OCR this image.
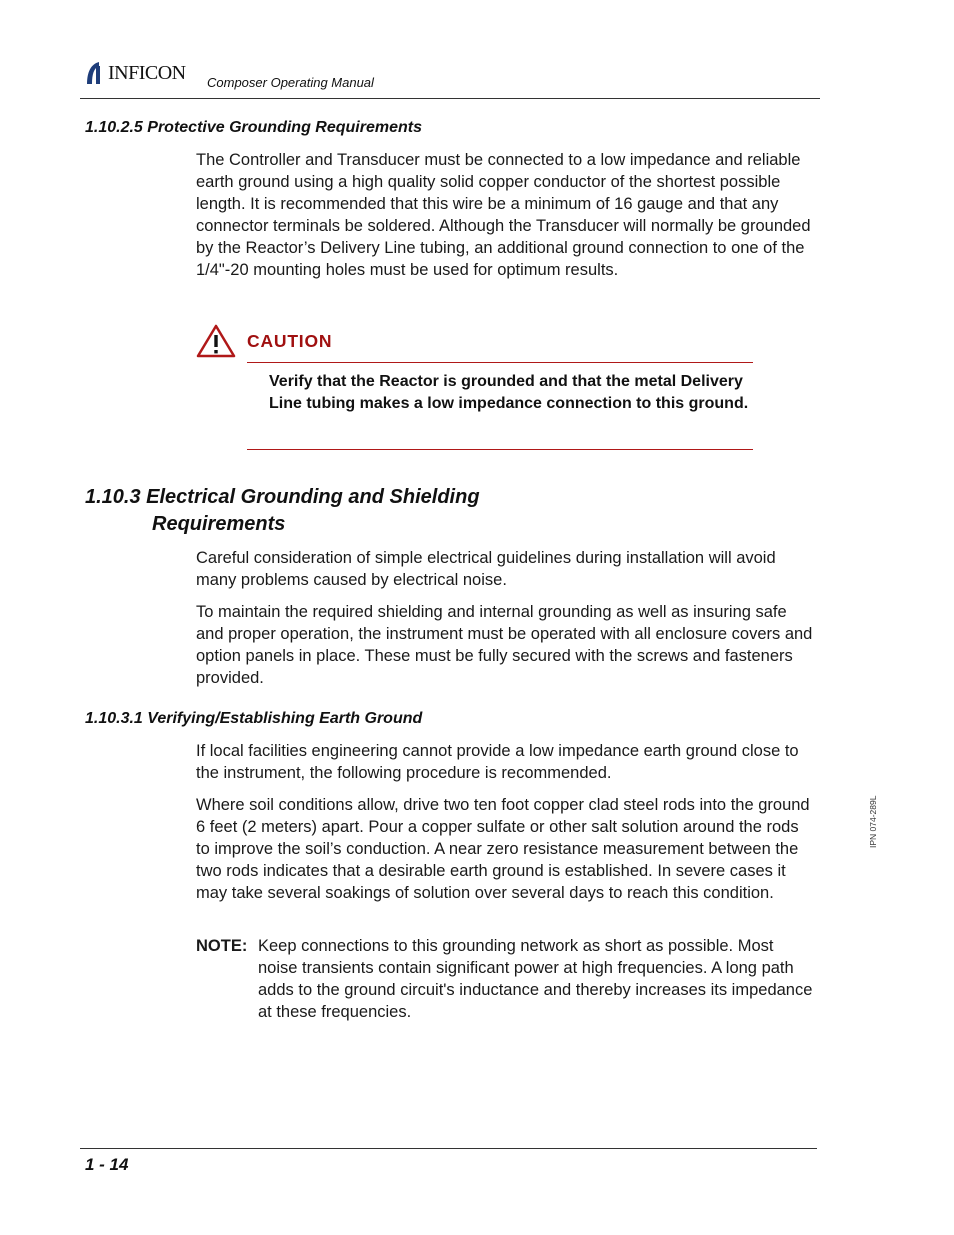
INFICON Composer Operating Manual
1.10.2.5 Protective Grounding Requirements
The Controller and Transducer must be connected to a low impedance and reliable earth ground using a high quality solid copper conductor of the shortest possible length. It is recommended that this wire be a minimum of 16 gauge and that any connector terminals be soldered. Although the Transducer will normally be grounded by the Reactor’s Delivery Line tubing, an additional ground connection to one of the 1/4"-20 mounting holes must be used for optimum results.
CAUTION
Verify that the Reactor is grounded and that the metal Delivery Line tubing makes a low impedance connection to this ground.
1.10.3 Electrical Grounding and Shielding
Requirements
Careful consideration of simple electrical guidelines during installation will avoid many problems caused by electrical noise.
To maintain the required shielding and internal grounding as well as insuring safe and proper operation, the instrument must be operated with all enclosure covers and option panels in place. These must be fully secured with the screws and fasteners provided.
1.10.3.1 Verifying/Establishing Earth Ground
If local facilities engineering cannot provide a low impedance earth ground close to the instrument, the following procedure is recommended.
Where soil conditions allow, drive two ten foot copper clad steel rods into the ground 6 feet (2 meters) apart. Pour a copper sulfate or other salt solution around the rods to improve the soil’s conduction. A near zero resistance measurement between the two rods indicates that a desirable earth ground is established. In severe cases it may take several soakings of solution over several days to reach this condition.
NOTE: Keep connections to this grounding network as short as possible. Most noise transients contain significant power at high frequencies. A long path adds to the ground circuit's inductance and thereby increases its impedance at these frequencies.
IPN 074-289L
1 - 14
